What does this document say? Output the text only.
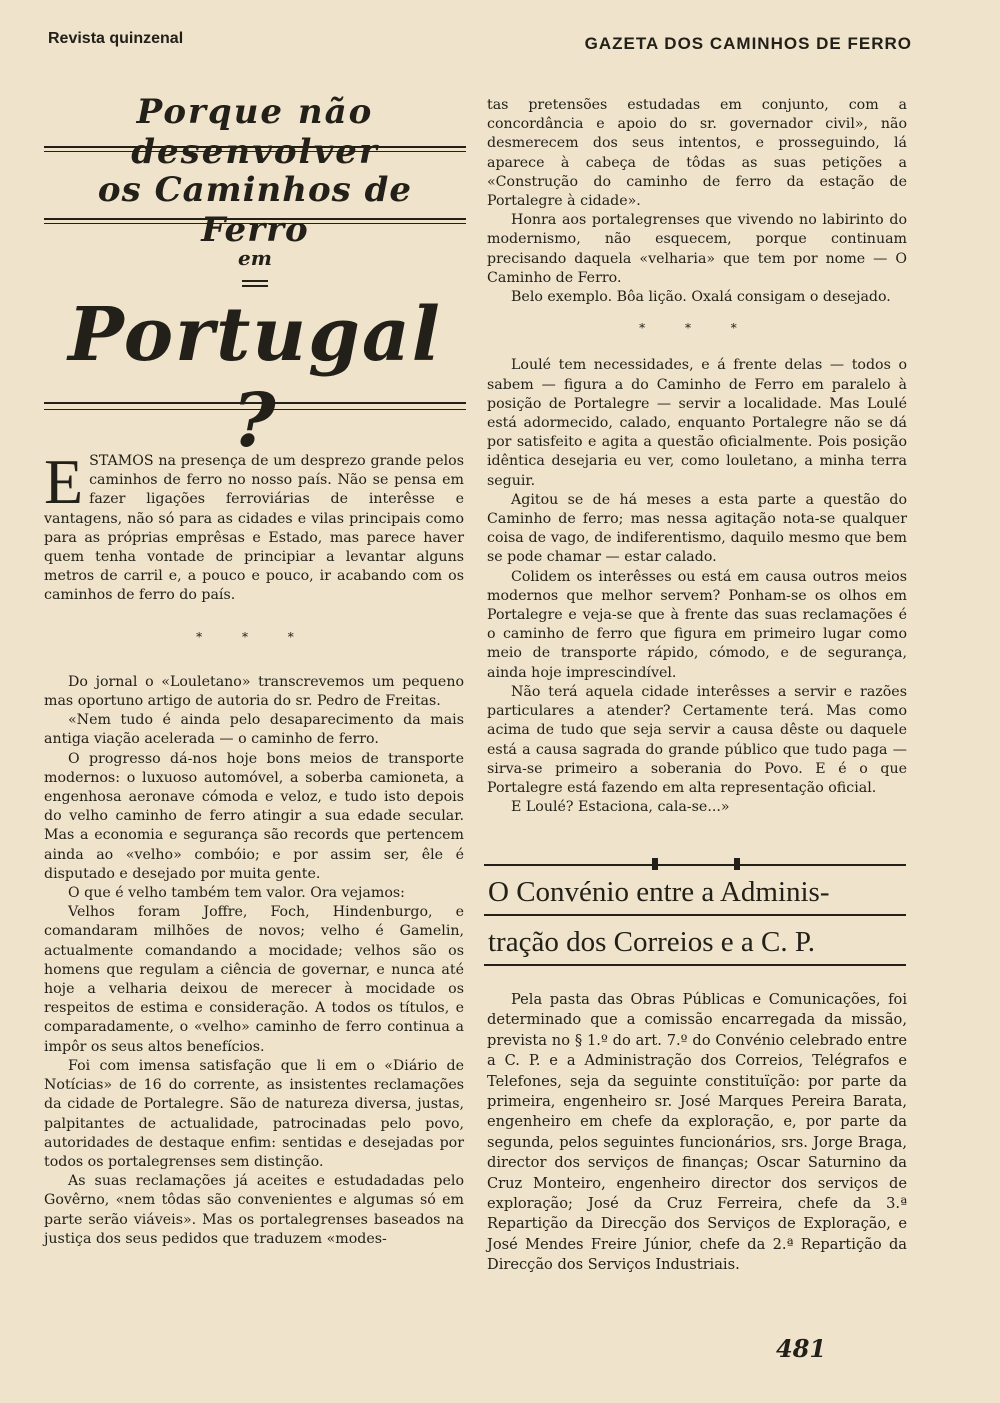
Revista quinzenal	GAZETA DOS CAMINHOS DE FERRO
Porque não desenvolver
os Caminhos de Ferro
em
Portugal ?

ESTAMOS na presença de um desprezo grande pelos caminhos de ferro no nosso país. Não se pensa em fazer ligações ferroviárias de interêsse e vantagens, não só para as cidades e vilas principais como para as próprias emprêsas e Estado, mas parece haver quem tenha vontade de principiar a levantar alguns metros de carril e, a pouco e pouco, ir acabando com os caminhos de ferro do país.

* * *

Do jornal o «Louletano» transcrevemos um pequeno mas oportuno artigo de autoria do sr. Pedro de Freitas.

«Nem tudo é ainda pelo desaparecimento da mais antiga viação acelerada — o caminho de ferro.

O progresso dá-nos hoje bons meios de transporte modernos: o luxuoso automóvel, a soberba camioneta, a engenhosa aeronave cómoda e veloz, e tudo isto depois do velho caminho de ferro atingir a sua edade secular. Mas a economia e segurança são records que pertencem ainda ao «velho» combóio; e por assim ser, êle é disputado e desejado por muita gente.

O que é velho também tem valor. Ora vejamos:

Velhos foram Joffre, Foch, Hindenburgo, e comandaram milhões de novos; velho é Gamelin, actualmente comandando a mocidade; velhos são os homens que regulam a ciência de governar, e nunca até hoje a velharia deixou de merecer à mocidade os respeitos de estima e consideração. A todos os títulos, e comparadamente, o «velho» caminho de ferro continua a impôr os seus altos benefícios.

Foi com imensa satisfação que li em o «Diário de Notícias» de 16 do corrente, as insistentes reclamações da cidade de Portalegre. São de natureza diversa, justas, palpitantes de actualidade, patrocinadas pelo povo, autoridades de destaque enfim: sentidas e desejadas por todos os portalegrenses sem distinção.

As suas reclamações já aceites e estudadadas pelo Govêrno, «nem tôdas são convenientes e algumas só em parte serão viáveis». Mas os portalegrenses baseados na justiça dos seus pedidos que traduzem «modes-

tas pretensões estudadas em conjunto, com a concordância e apoio do sr. governador civil», não desmerecem dos seus intentos, e prosseguindo, lá aparece à cabeça de tôdas as suas petições a «Construção do caminho de ferro da estação de Portalegre à cidade».

Honra aos portalegrenses que vivendo no labirinto do modernismo, não esquecem, porque continuam precisando daquela «velharia» que tem por nome — O Caminho de Ferro.

Belo exemplo. Bôa lição. Oxalá consigam o desejado.

* * *

Loulé tem necessidades, e á frente delas — todos o sabem — figura a do Caminho de Ferro em paralelo à posição de Portalegre — servir a localidade. Mas Loulé está adormecido, calado, enquanto Portalegre não se dá por satisfeito e agita a questão oficialmente. Pois posição idêntica desejaria eu ver, como louletano, a minha terra seguir.

Agitou se de há meses a esta parte a questão do Caminho de ferro; mas nessa agitação nota-se qualquer coisa de vago, de indiferentismo, daquilo mesmo que bem se pode chamar — estar calado.

Colidem os interêsses ou está em causa outros meios modernos que melhor servem? Ponham-se os olhos em Portalegre e veja-se que à frente das suas reclamações é o caminho de ferro que figura em primeiro lugar como meio de transporte rápido, cómodo, e de segurança, ainda hoje imprescindível.

Não terá aquela cidade interêsses a servir e razões particulares a atender? Certamente terá. Mas como acima de tudo que seja servir a causa dêste ou daquele está a causa sagrada do grande público que tudo paga — sirva-se primeiro a soberania do Povo. E é o que Portalegre está fazendo em alta representação oficial.

E Loulé? Estaciona, cala-se...»

O Convénio entre a Adminis-
tração dos Correios e a C. P.

Pela pasta das Obras Públicas e Comunicações, foi determinado que a comissão encarregada da missão, prevista no § 1.º do art. 7.º do Convénio celebrado entre a C. P. e a Administração dos Correios, Telégrafos e Telefones, seja da seguinte constituïção: por parte da primeira, engenheiro sr. José Marques Pereira Barata, engenheiro em chefe da exploração, e, por parte da segunda, pelos seguintes funcionários, srs. Jorge Braga, director dos serviços de finanças; Oscar Saturnino da Cruz Monteiro, engenheiro director dos serviços de exploração; José da Cruz Ferreira, chefe da 3.ª Repartição da Direcção dos Serviços de Exploração, e José Mendes Freire Júnior, chefe da 2.ª Repartição da Direcção dos Serviços Industriais.

481
